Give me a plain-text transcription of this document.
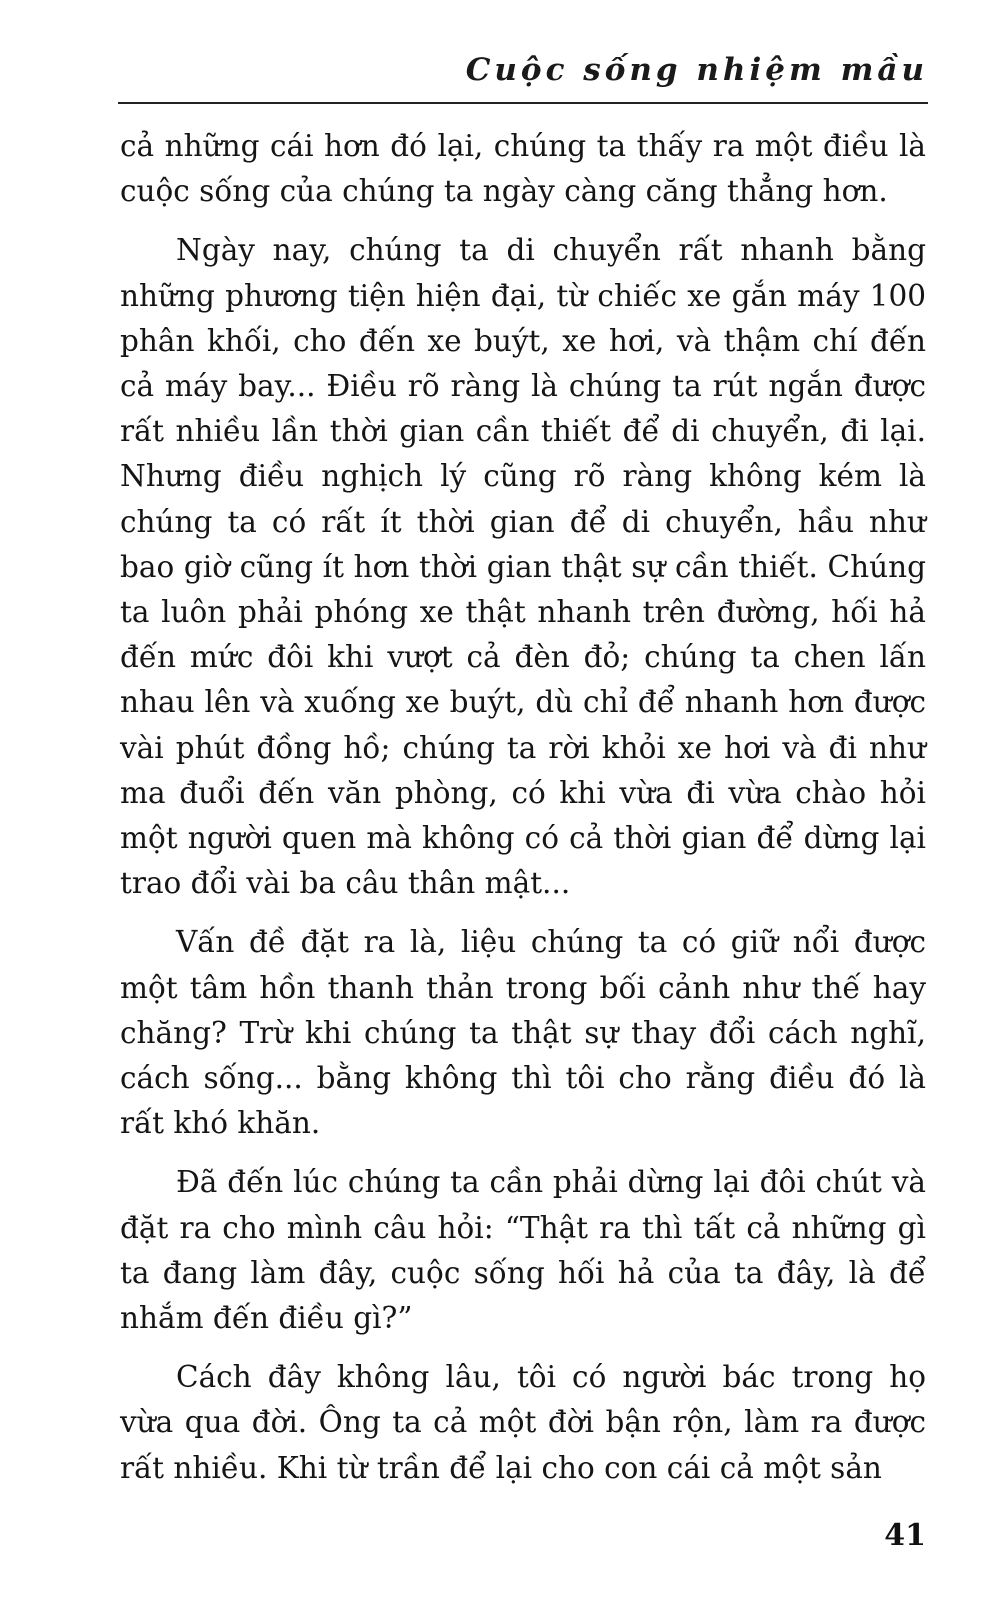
Cuộc sống nhiệm mầu

cả những cái hơn đó lại, chúng ta thấy ra một điều là cuộc sống của chúng ta ngày càng căng thẳng hơn.

Ngày nay, chúng ta di chuyển rất nhanh bằng những phương tiện hiện đại, từ chiếc xe gắn máy 100 phân khối, cho đến xe buýt, xe hơi, và thậm chí đến cả máy bay... Điều rõ ràng là chúng ta rút ngắn được rất nhiều lần thời gian cần thiết để di chuyển, đi lại. Nhưng điều nghịch lý cũng rõ ràng không kém là chúng ta có rất ít thời gian để di chuyển, hầu như bao giờ cũng ít hơn thời gian thật sự cần thiết. Chúng ta luôn phải phóng xe thật nhanh trên đường, hối hả đến mức đôi khi vượt cả đèn đỏ; chúng ta chen lấn nhau lên và xuống xe buýt, dù chỉ để nhanh hơn được vài phút đồng hồ; chúng ta rời khỏi xe hơi và đi như ma đuổi đến văn phòng, có khi vừa đi vừa chào hỏi một người quen mà không có cả thời gian để dừng lại trao đổi vài ba câu thân mật...

Vấn đề đặt ra là, liệu chúng ta có giữ nổi được một tâm hồn thanh thản trong bối cảnh như thế hay chăng? Trừ khi chúng ta thật sự thay đổi cách nghĩ, cách sống... bằng không thì tôi cho rằng điều đó là rất khó khăn.

Đã đến lúc chúng ta cần phải dừng lại đôi chút và đặt ra cho mình câu hỏi: “Thật ra thì tất cả những gì ta đang làm đây, cuộc sống hối hả của ta đây, là để nhắm đến điều gì?”

Cách đây không lâu, tôi có người bác trong họ vừa qua đời. Ông ta cả một đời bận rộn, làm ra được rất nhiều. Khi từ trần để lại cho con cái cả một sản

41
